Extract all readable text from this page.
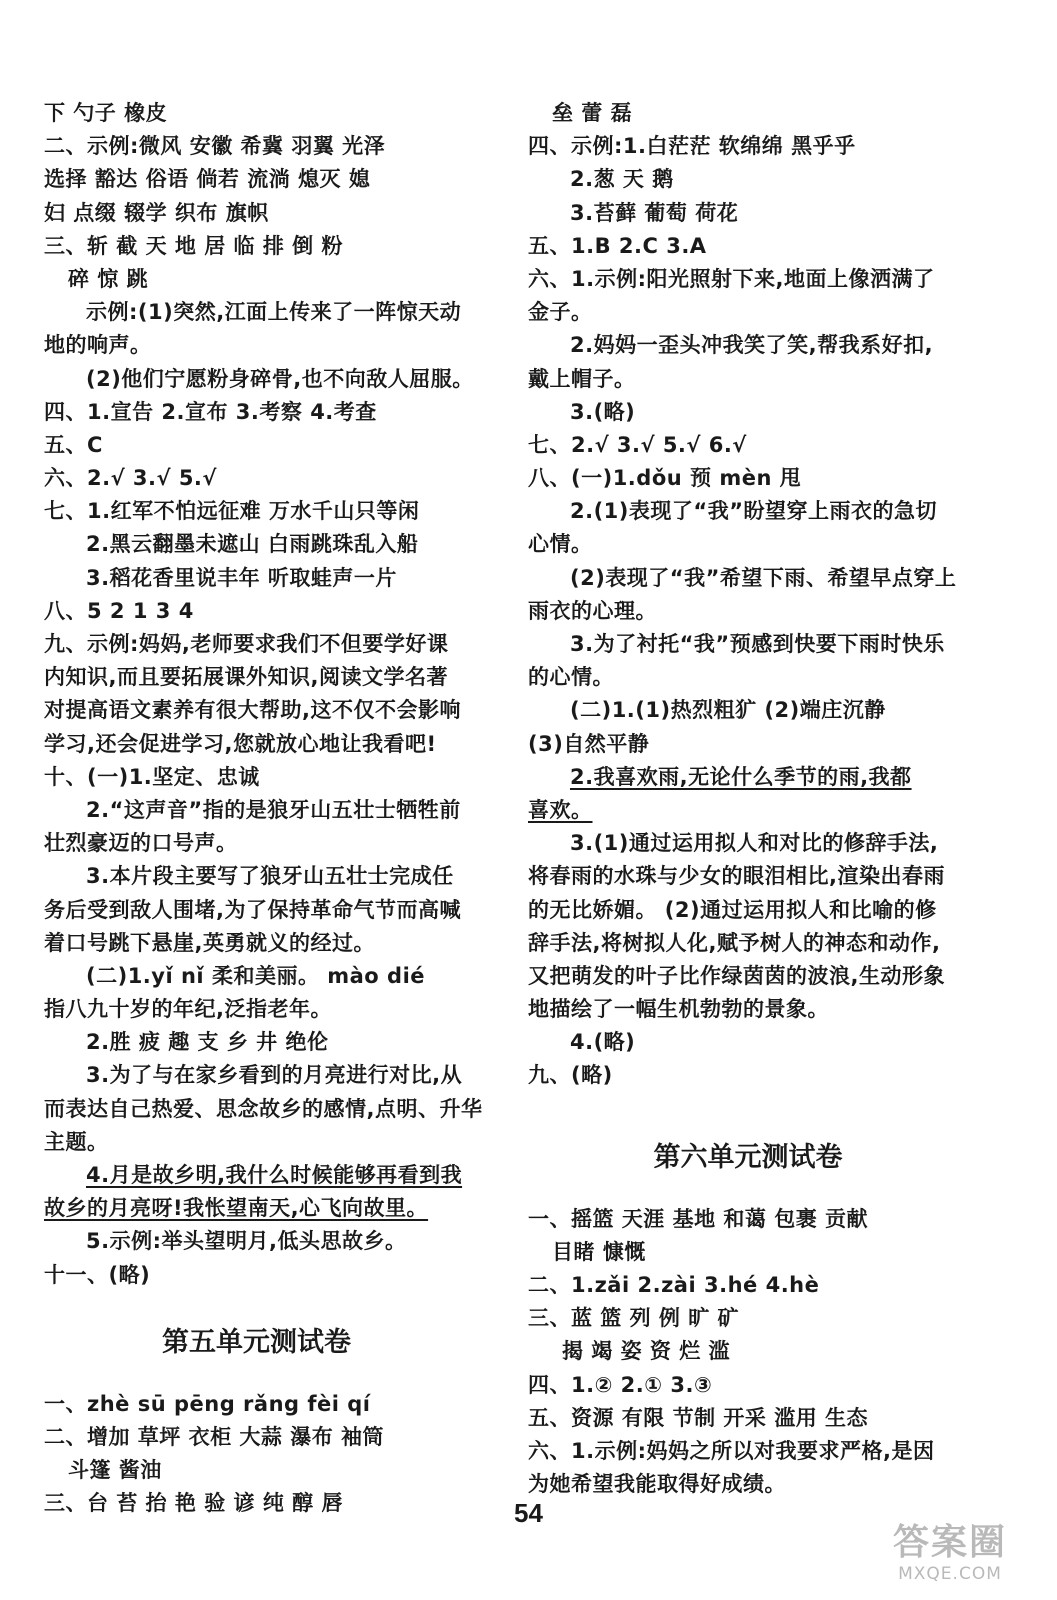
下 勺子 橡皮
二、示例:微风 安徽 希冀 羽翼 光泽
选择 豁达 俗语 倘若 流淌 熄灭 媳
妇 点缀 辍学 织布 旗帜
三、斩 截 天 地 居 临 排 倒 粉
碎 惊 跳
示例:(1)突然,江面上传来了一阵惊天动
地的响声。
(2)他们宁愿粉身碎骨,也不向敌人屈服。
四、1.宣告 2.宣布 3.考察 4.考查
五、C
六、2.√ 3.√ 5.√
七、1.红军不怕远征难 万水千山只等闲
2.黑云翻墨未遮山 白雨跳珠乱入船
3.稻花香里说丰年 听取蛙声一片
八、5 2 1 3 4
九、示例:妈妈,老师要求我们不但要学好课
内知识,而且要拓展课外知识,阅读文学名著
对提高语文素养有很大帮助,这不仅不会影响
学习,还会促进学习,您就放心地让我看吧!
十、(一)1.坚定、忠诚
2.“这声音”指的是狼牙山五壮士牺牲前
壮烈豪迈的口号声。
3.本片段主要写了狼牙山五壮士完成任
务后受到敌人围堵,为了保持革命气节而高喊
着口号跳下悬崖,英勇就义的经过。
(二)1.yǐ nǐ 柔和美丽。 mào dié
指八九十岁的年纪,泛指老年。
2.胜 疲 趣 支 乡 井 绝伦
3.为了与在家乡看到的月亮进行对比,从
而表达自己热爱、思念故乡的感情,点明、升华
主题。
4.月是故乡明,我什么时候能够再看到我
故乡的月亮呀!我怅望南天,心飞向故里。
5.示例:举头望明月,低头思故乡。
十一、(略)
第五单元测试卷
一、zhè sū pēng rǎng fèi qí
二、增加 草坪 衣柜 大蒜 瀑布 袖筒
斗篷 酱油
三、台 苔 抬 艳 验 谚 纯 醇 唇
垒 蕾 磊
四、示例:1.白茫茫 软绵绵 黑乎乎
2.葱 天 鹅
3.苔藓 葡萄 荷花
五、1.B 2.C 3.A
六、1.示例:阳光照射下来,地面上像洒满了
金子。
2.妈妈一歪头冲我笑了笑,帮我系好扣,
戴上帽子。
3.(略)
七、2.√ 3.√ 5.√ 6.√
八、(一)1.dǒu 预 mèn 甩
2.(1)表现了“我”盼望穿上雨衣的急切
心情。
(2)表现了“我”希望下雨、希望早点穿上
雨衣的心理。
3.为了衬托“我”预感到快要下雨时快乐
的心情。
(二)1.(1)热烈粗犷 (2)端庄沉静
(3)自然平静
2.我喜欢雨,无论什么季节的雨,我都
喜欢。
3.(1)通过运用拟人和对比的修辞手法,
将春雨的水珠与少女的眼泪相比,渲染出春雨
的无比娇媚。 (2)通过运用拟人和比喻的修
辞手法,将树拟人化,赋予树人的神态和动作,
又把萌发的叶子比作绿茵茵的波浪,生动形象
地描绘了一幅生机勃勃的景象。
4.(略)
九、(略)
第六单元测试卷
一、摇篮 天涯 基地 和蔼 包裹 贡献
目睹 慷慨
二、1.zǎi 2.zài 3.hé 4.hè
三、蓝 篮 列 例 旷 矿
揭 竭 姿 资 烂 滥
四、1.② 2.① 3.③
五、资源 有限 节制 开采 滥用 生态
六、1.示例:妈妈之所以对我要求严格,是因
为她希望我能取得好成绩。
54
答案圈
MXQE.COM
